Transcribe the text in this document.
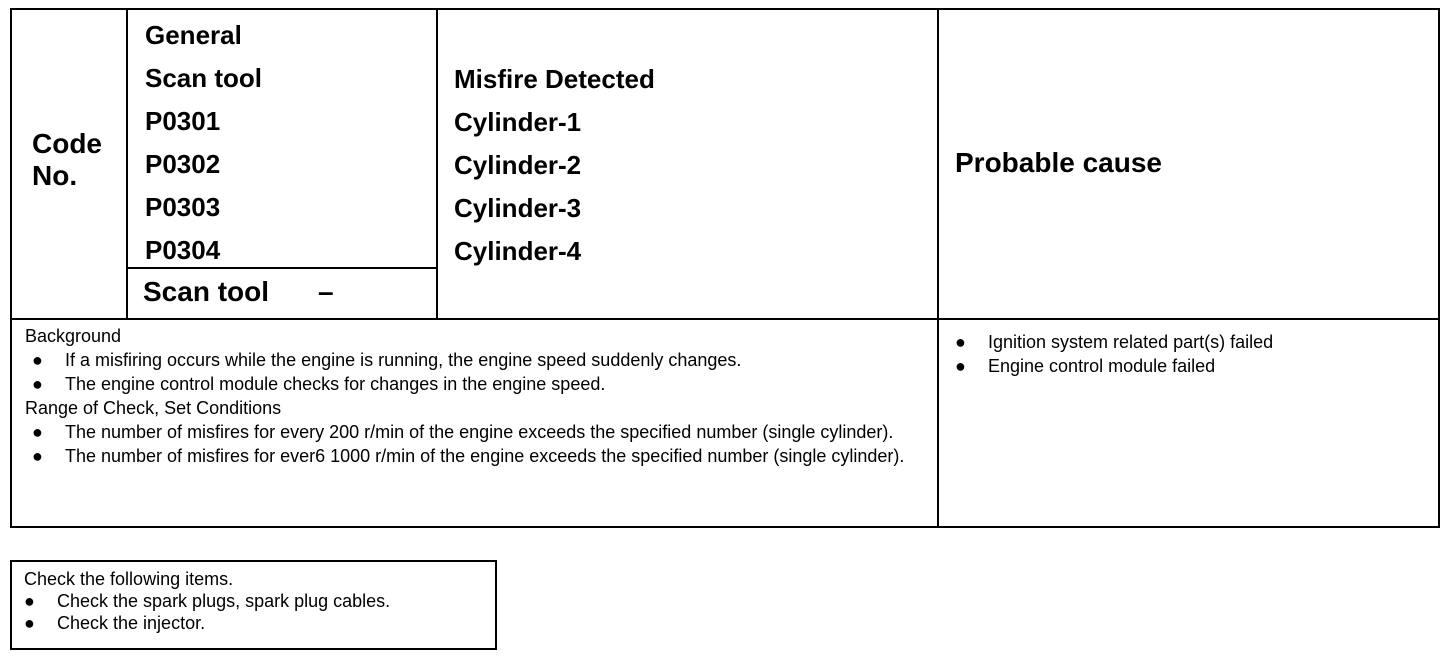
Code
No.
General
Scan tool
P0301
P0302
P0303
P0304
Scan tool –
Misfire Detected
Cylinder-1
Cylinder-2
Cylinder-3
Cylinder-4
Probable cause
Background
● If a misfiring occurs while the engine is running, the engine speed suddenly changes.
● The engine control module checks for changes in the engine speed.
Range of Check, Set Conditions
● The number of misfires for every 200 r/min of the engine exceeds the specified number (single cylinder).
● The number of misfires for ever6 1000 r/min of the engine exceeds the specified number (single cylinder).
● Ignition system related part(s) failed
● Engine control module failed
Check the following items.
● Check the spark plugs, spark plug cables.
● Check the injector.
